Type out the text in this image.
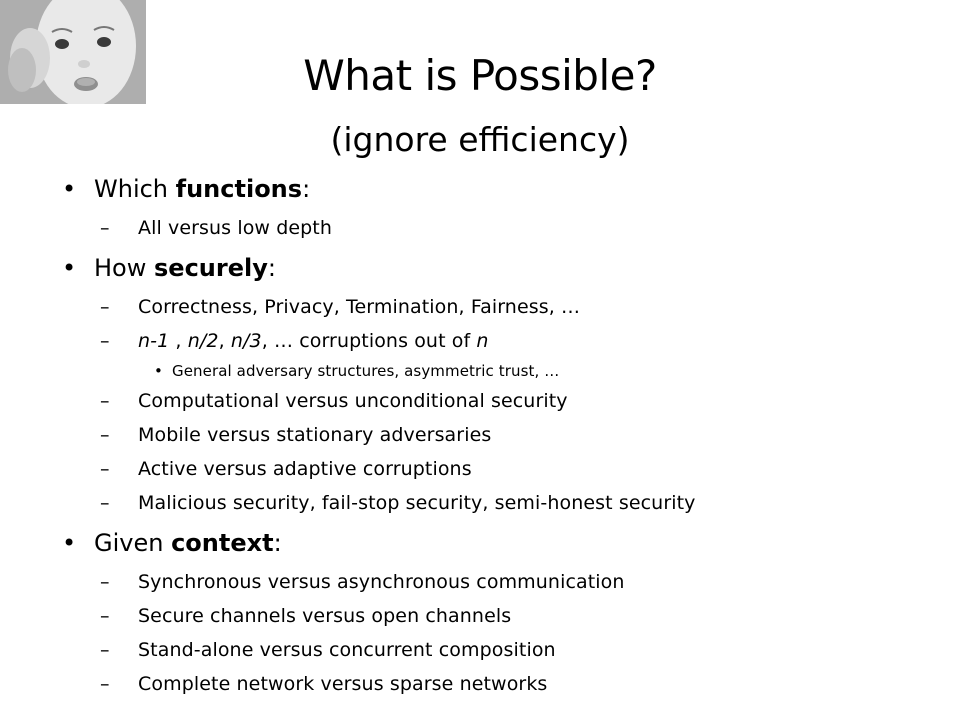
What is Possible?
(ignore efficiency)
• Which functions:
– All versus low depth
• How securely:
– Correctness, Privacy, Termination, Fairness, …
– n-1 , n/2, n/3, … corruptions out of n
• General adversary structures, asymmetric trust, …
– Computational versus unconditional security
– Mobile versus stationary adversaries
– Active versus adaptive corruptions
– Malicious security, fail-stop security, semi-honest security
• Given context:
– Synchronous versus asynchronous communication
– Secure channels versus open channels
– Stand-alone versus concurrent composition
– Complete network versus sparse networks
